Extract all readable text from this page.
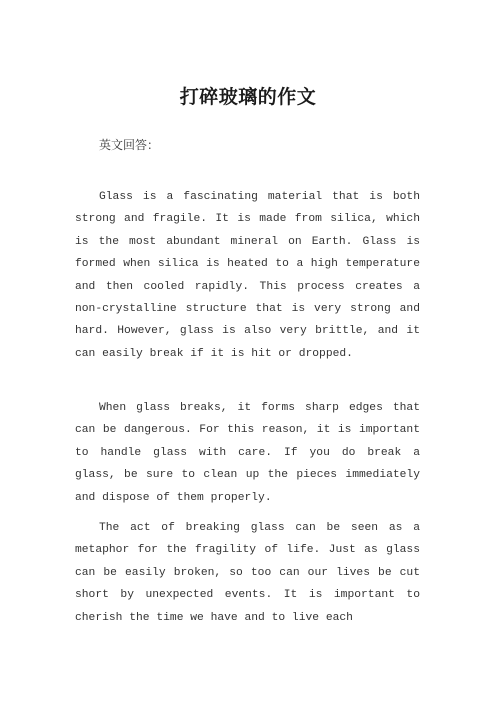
打碎玻璃的作文
英文回答：
Glass is a fascinating material that is both strong and fragile. It is made from silica, which is the most abundant mineral on Earth. Glass is formed when silica is heated to a high temperature and then cooled rapidly. This process creates a non-crystalline structure that is very strong and hard. However, glass is also very brittle, and it can easily break if it is hit or dropped.
When glass breaks, it forms sharp edges that can be dangerous. For this reason, it is important to handle glass with care. If you do break a glass, be sure to clean up the pieces immediately and dispose of them properly.
The act of breaking glass can be seen as a metaphor for the fragility of life. Just as glass can be easily broken, so too can our lives be cut short by unexpected events. It is important to cherish the time we have and to live each
